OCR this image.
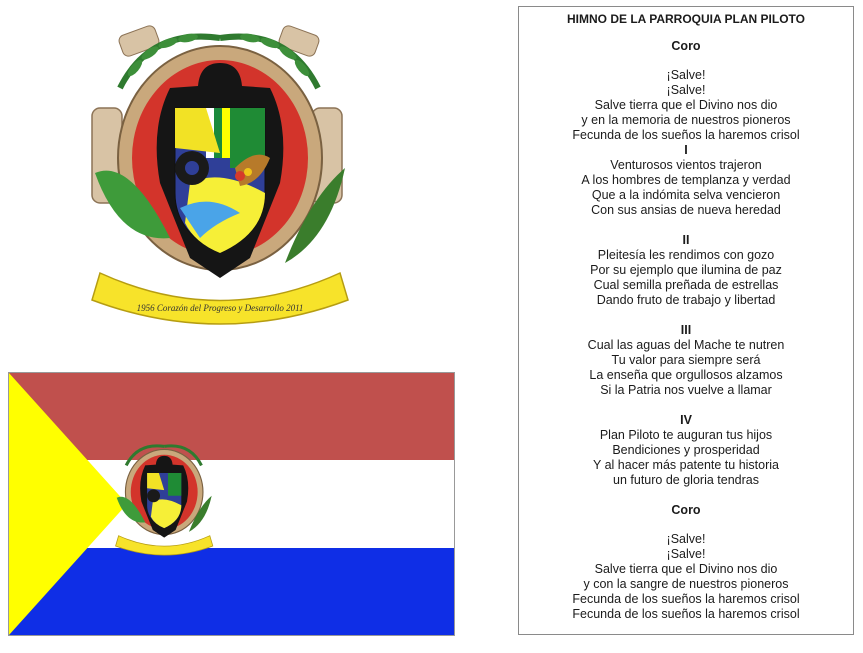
1956 Corazón del Progreso y Desarrollo 2011
HIMNO DE LA PARROQUIA PLAN PILOTO
Coro
¡Salve!
¡Salve!
Salve tierra que el Divino nos dio
y en la memoria de nuestros pioneros
Fecunda de los sueños la haremos crisol
I
Venturosos vientos trajeron
A los hombres de templanza y verdad
Que a la indómita selva vencieron
Con sus ansias de nueva heredad
II
Pleitesía les rendimos con gozo
Por su ejemplo que ilumina de paz
Cual semilla preñada de estrellas
Dando fruto de trabajo y libertad
III
Cual las aguas del Mache te nutren
Tu valor para siempre será
La enseña que orgullosos alzamos
Si la Patria nos vuelve a llamar
IV
Plan Piloto te auguran tus hijos
Bendiciones y prosperidad
Y al hacer más patente tu historia
un futuro de gloria tendras
Coro
¡Salve!
¡Salve!
Salve tierra que el Divino nos dio
y con la sangre de nuestros pioneros
Fecunda de los sueños la haremos crisol
Fecunda de los sueños la haremos crisol
